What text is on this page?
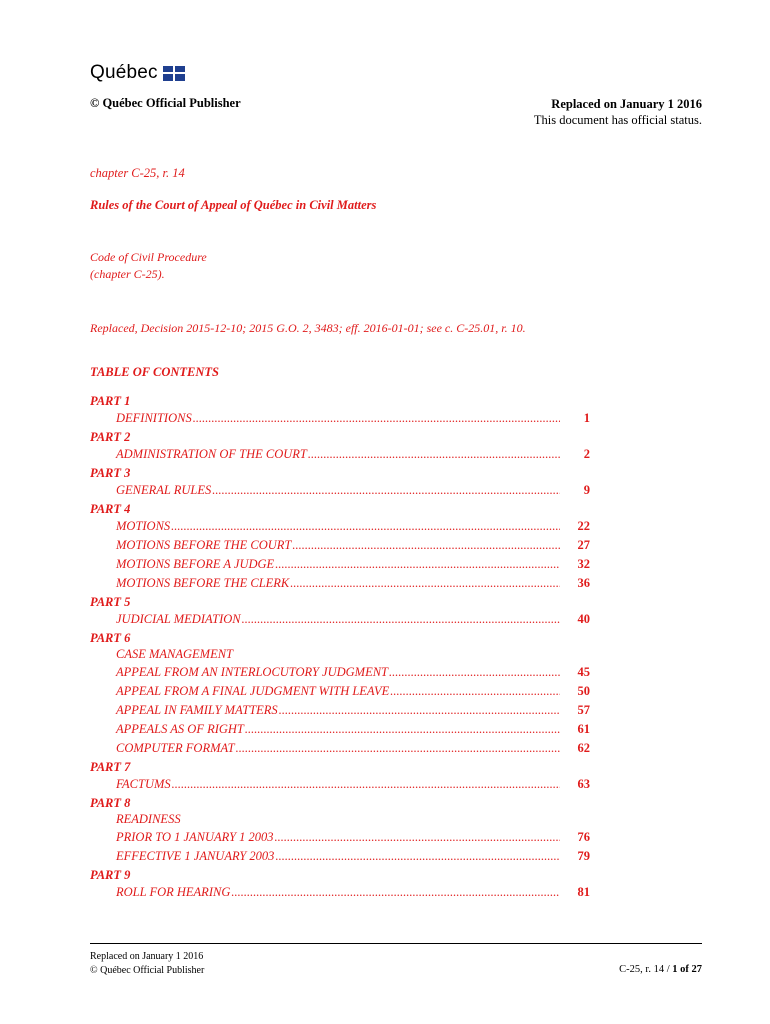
Québec
© Québec Official Publisher	Replaced on January 1 2016
This document has official status.
chapter C-25, r. 14
Rules of the Court of Appeal of Québec in Civil Matters
Code of Civil Procedure
(chapter C-25).
Replaced, Decision 2015-12-10; 2015 G.O. 2, 3483; eff. 2016-01-01; see c. C-25.01, r. 10.
TABLE OF CONTENTS
PART 1
DEFINITIONS .....	1
PART 2
ADMINISTRATION OF THE COURT .....	2
PART 3
GENERAL RULES .....	9
PART 4
MOTIONS .....	22
MOTIONS BEFORE THE COURT .....	27
MOTIONS BEFORE A JUDGE .....	32
MOTIONS BEFORE THE CLERK .....	36
PART 5
JUDICIAL MEDIATION .....	40
PART 6
CASE MANAGEMENT
APPEAL FROM AN INTERLOCUTORY JUDGMENT .....	45
APPEAL FROM A FINAL JUDGMENT WITH LEAVE .....	50
APPEAL IN FAMILY MATTERS .....	57
APPEALS AS OF RIGHT .....	61
COMPUTER FORMAT .....	62
PART 7
FACTUMS .....	63
PART 8
READINESS
PRIOR TO 1 JANUARY 1 2003 .....	76
EFFECTIVE 1 JANUARY 2003 .....	79
PART 9
ROLL FOR HEARING .....	81
Replaced on January 1 2016
© Québec Official Publisher	C-25, r. 14 / 1 of 27
